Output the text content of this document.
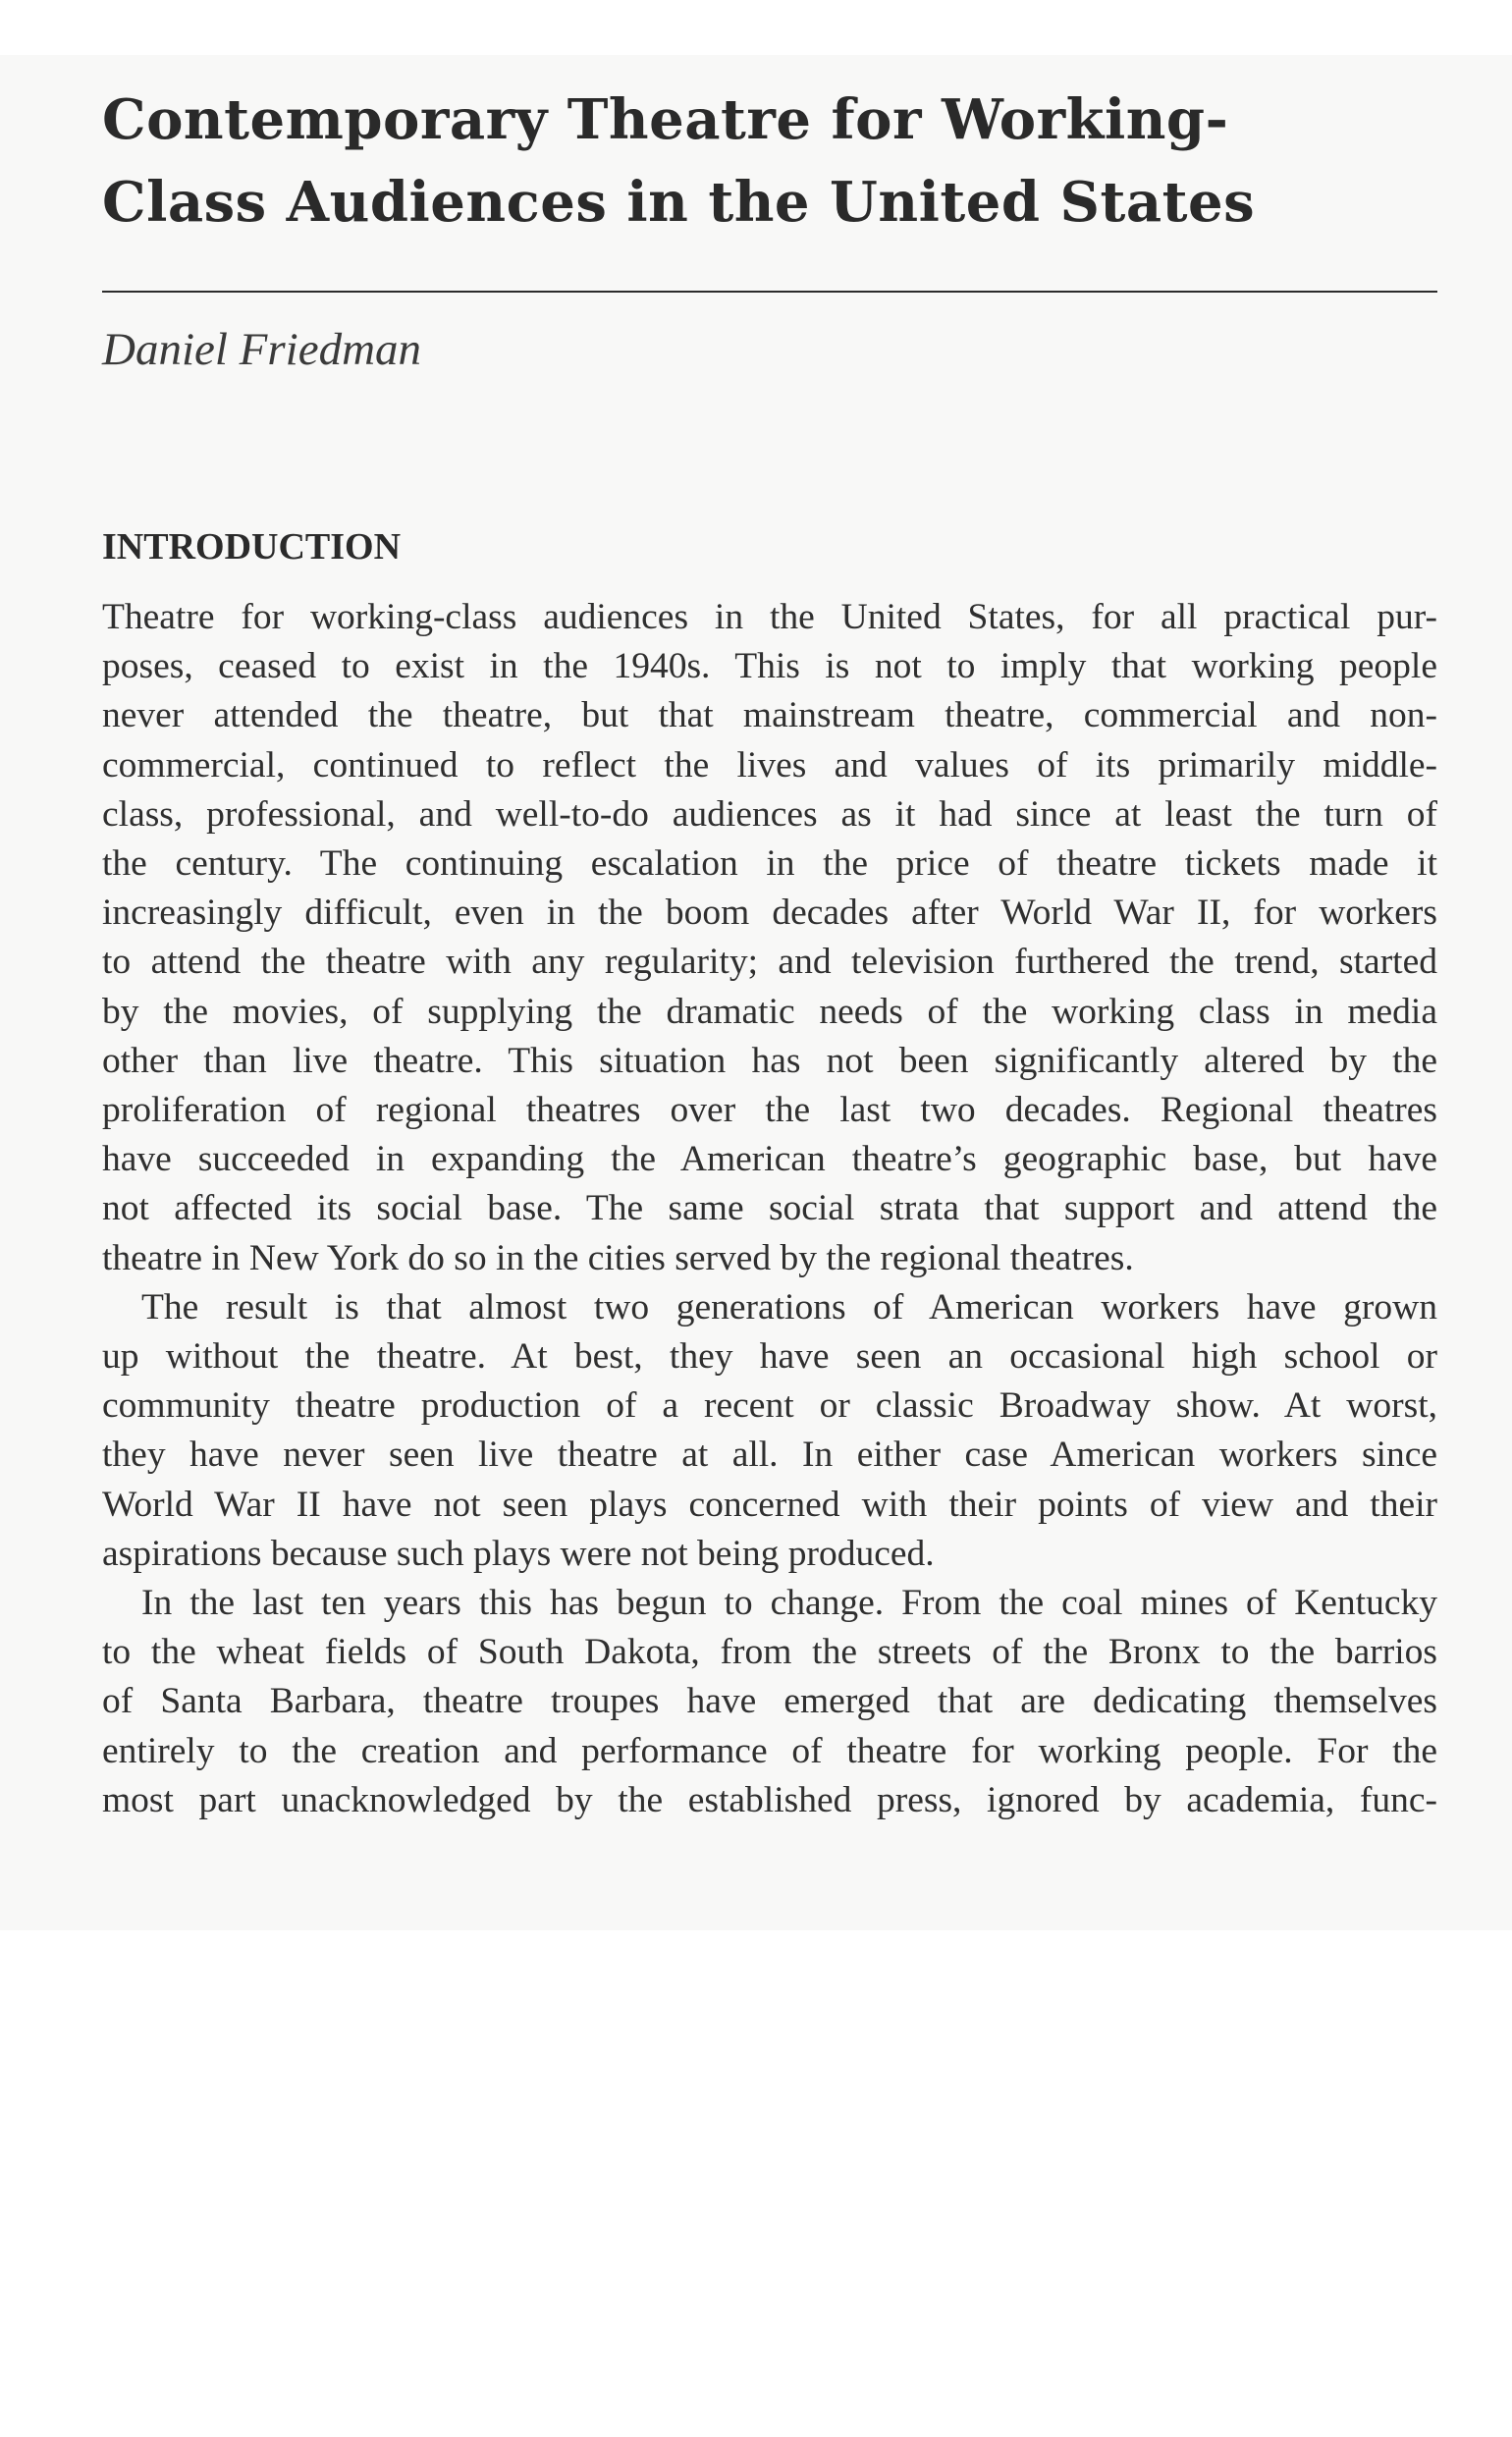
Contemporary Theatre for Working-
Class Audiences in the United States
Daniel Friedman
INTRODUCTION

Theatre for working-class audiences in the United States, for all practical pur-
poses, ceased to exist in the 1940s. This is not to imply that working people
never attended the theatre, but that mainstream theatre, commercial and non-
commercial, continued to reflect the lives and values of its primarily middle-
class, professional, and well-to-do audiences as it had since at least the turn of
the century. The continuing escalation in the price of theatre tickets made it
increasingly difficult, even in the boom decades after World War II, for workers
to attend the theatre with any regularity; and television furthered the trend, started
by the movies, of supplying the dramatic needs of the working class in media
other than live theatre. This situation has not been significantly altered by the
proliferation of regional theatres over the last two decades. Regional theatres
have succeeded in expanding the American theatre’s geographic base, but have
not affected its social base. The same social strata that support and attend the
theatre in New York do so in the cities served by the regional theatres.

The result is that almost two generations of American workers have grown
up without the theatre. At best, they have seen an occasional high school or
community theatre production of a recent or classic Broadway show. At worst,
they have never seen live theatre at all. In either case American workers since
World War II have not seen plays concerned with their points of view and their
aspirations because such plays were not being produced.

In the last ten years this has begun to change. From the coal mines of Kentucky
to the wheat fields of South Dakota, from the streets of the Bronx to the barrios
of Santa Barbara, theatre troupes have emerged that are dedicating themselves
entirely to the creation and performance of theatre for working people. For the
most part unacknowledged by the established press, ignored by academia, func-
